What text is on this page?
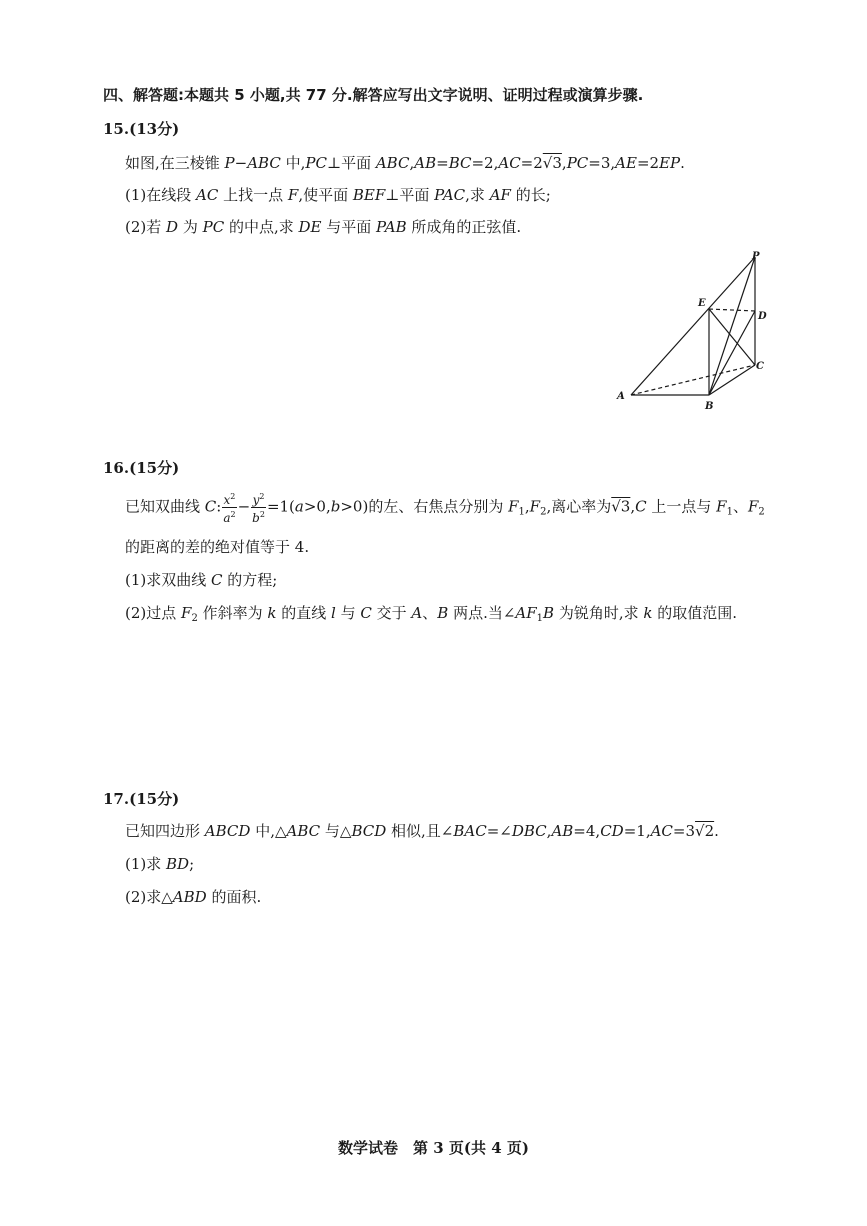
四、解答题:本题共 5 小题,共 77 分.解答应写出文字说明、证明过程或演算步骤.
15.(13分)
如图,在三棱锥 P−ABC 中,PC⊥平面 ABC,AB=BC=2,AC=2√3,PC=3,AE=2EP.
(1)在线段 AC 上找一点 F,使平面 BEF⊥平面 PAC,求 AF 的长;
(2)若 D 为 PC 的中点,求 DE 与平面 PAB 所成角的正弦值.
P
E
D
C
A
B
16.(15分)
已知双曲线 C: $\frac{x^2}{a^2} - \frac{y^2}{b^2} =1(a>0,b>0)$的左、右焦点分别为 $F_1,F_2$,离心率为√3,C 上一点与 $F_1$、$F_2$
的距离的差的绝对值等于 4.
(1)求双曲线 C 的方程;
(2)过点 $F_2$ 作斜率为 k 的直线 l 与 C 交于 A、B 两点.当$\angle AF_1B$ 为锐角时,求 k 的取值范围.
17.(15分)
已知四边形 ABCD 中,△ABC 与△BCD 相似,且∠BAC=∠DBC,AB=4,CD=1,AC=3√2.
(1)求 BD;
(2)求△ABD 的面积.
数学试卷　第 3 页(共 4 页)
